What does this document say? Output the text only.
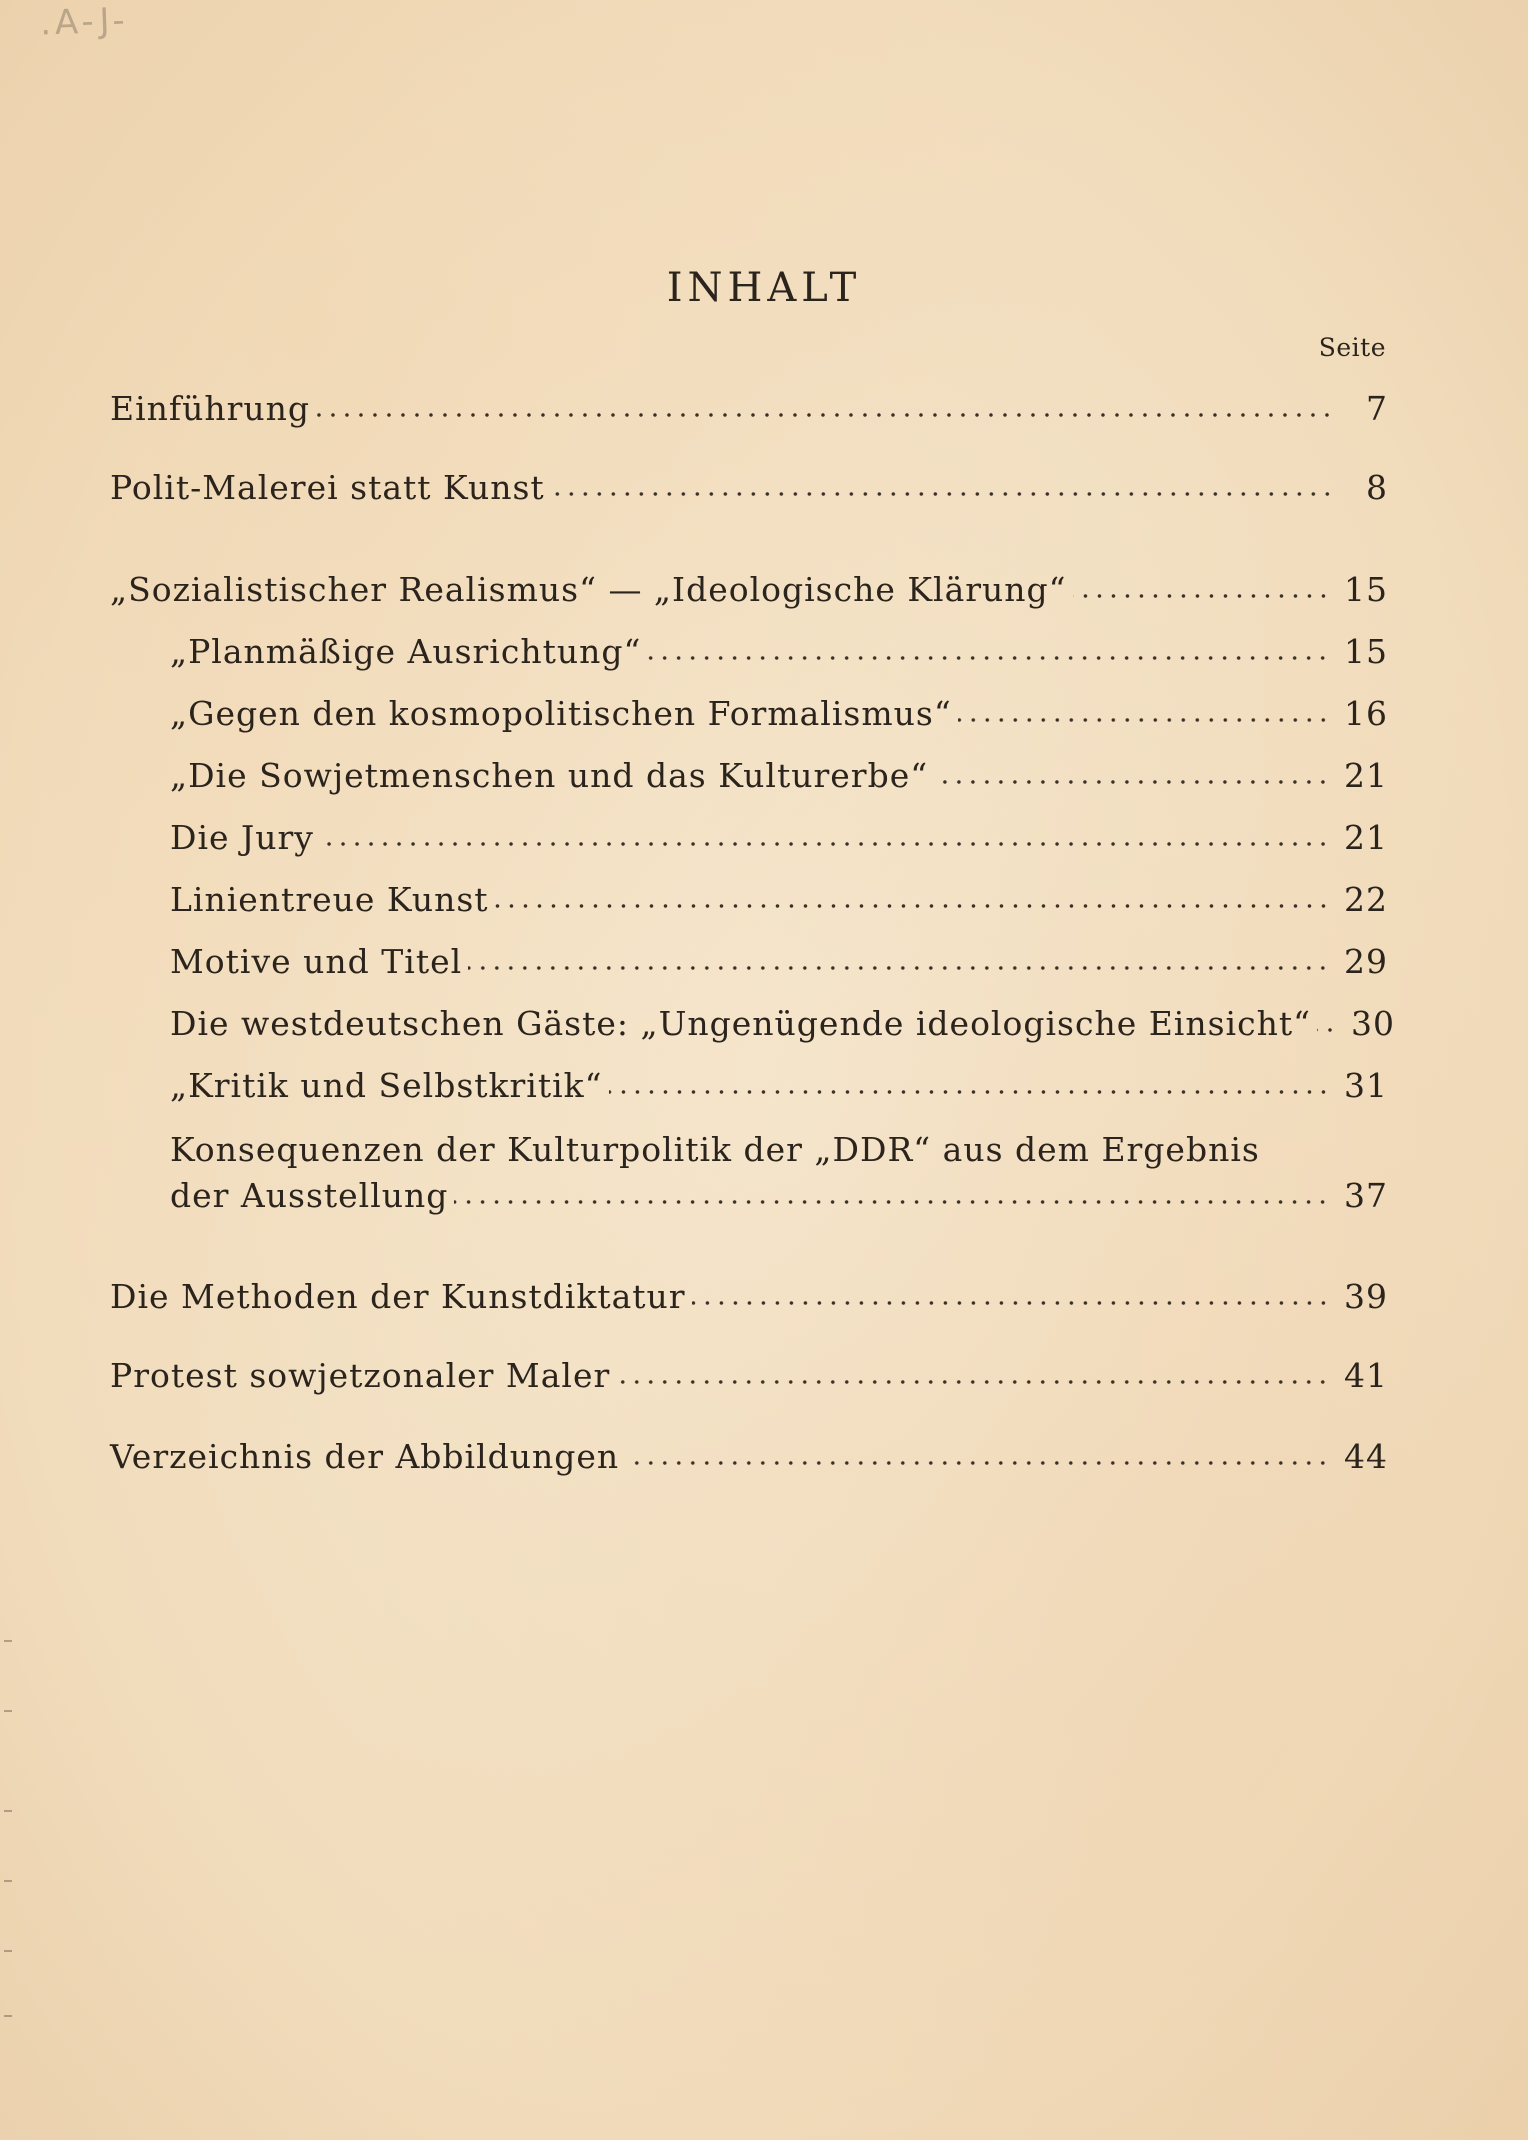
.A-J-
INHALT
Seite
Einführung	7
Polit-Malerei statt Kunst	8
„Sozialistischer Realismus“ — „Ideologische Klärung“	15
„Planmäßige Ausrichtung“	15
„Gegen den kosmopolitischen Formalismus“	16
„Die Sowjetmenschen und das Kulturerbe“	21
Die Jury	21
Linientreue Kunst	22
Motive und Titel	29
Die westdeutschen Gäste: „Ungenügende ideologische Einsicht“ 30
„Kritik und Selbstkritik“	31
Konsequenzen der Kulturpolitik der „DDR“ aus dem Ergebnis
der Ausstellung	37
Die Methoden der Kunstdiktatur	39
Protest sowjetzonaler Maler	41
Verzeichnis der Abbildungen	44
